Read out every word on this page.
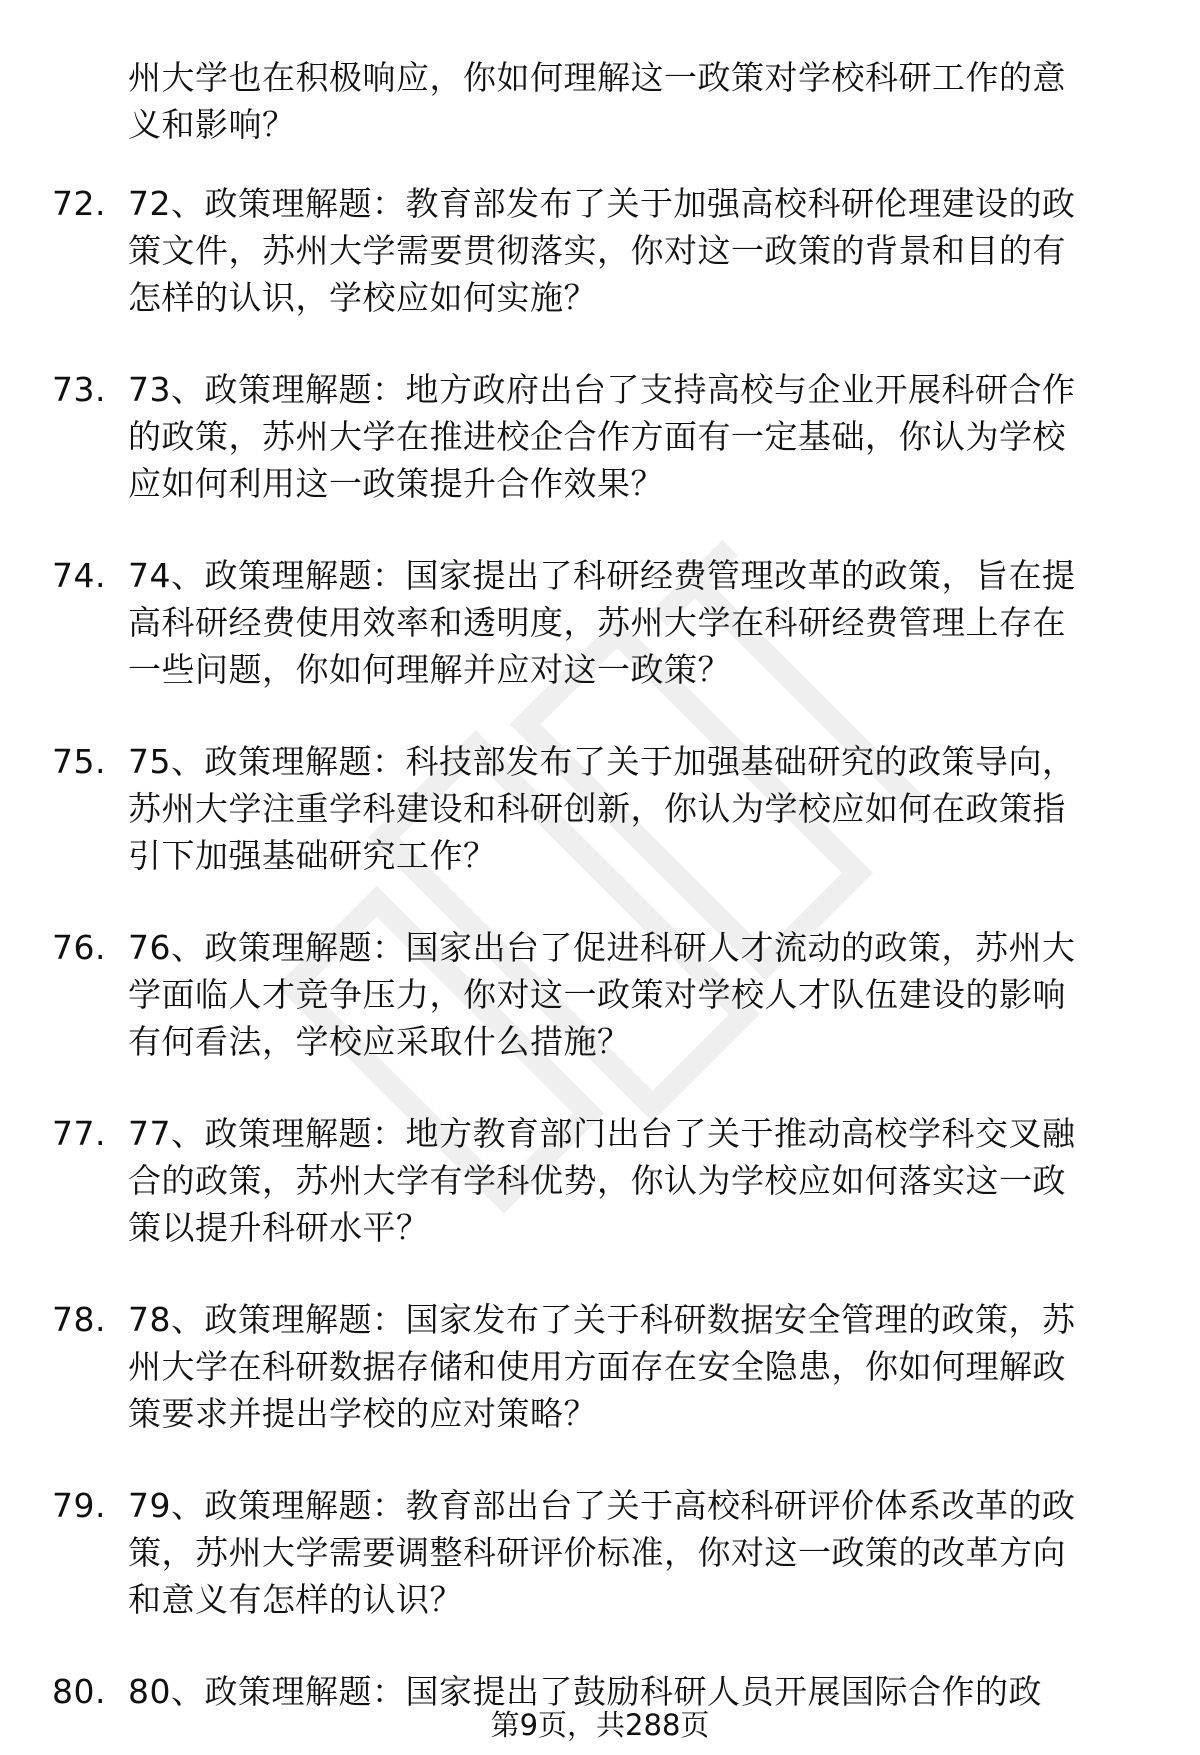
州大学也在积极响应，你如何理解这一政策对学校科研工作的意
义和影响？
72. 72、政策理解题：教育部发布了关于加强高校科研伦理建设的政
策文件，苏州大学需要贯彻落实，你对这一政策的背景和目的有
怎样的认识，学校应如何实施？
73. 73、政策理解题：地方政府出台了支持高校与企业开展科研合作
的政策，苏州大学在推进校企合作方面有一定基础，你认为学校
应如何利用这一政策提升合作效果？
74. 74、政策理解题：国家提出了科研经费管理改革的政策，旨在提
高科研经费使用效率和透明度，苏州大学在科研经费管理上存在
一些问题，你如何理解并应对这一政策？
75. 75、政策理解题：科技部发布了关于加强基础研究的政策导向，
苏州大学注重学科建设和科研创新，你认为学校应如何在政策指
引下加强基础研究工作？
76. 76、政策理解题：国家出台了促进科研人才流动的政策，苏州大
学面临人才竞争压力，你对这一政策对学校人才队伍建设的影响
有何看法，学校应采取什么措施？
77. 77、政策理解题：地方教育部门出台了关于推动高校学科交叉融
合的政策，苏州大学有学科优势，你认为学校应如何落实这一政
策以提升科研水平？
78. 78、政策理解题：国家发布了关于科研数据安全管理的政策，苏
州大学在科研数据存储和使用方面存在安全隐患，你如何理解政
策要求并提出学校的应对策略？
79. 79、政策理解题：教育部出台了关于高校科研评价体系改革的政
策，苏州大学需要调整科研评价标准，你对这一政策的改革方向
和意义有怎样的认识？
80. 80、政策理解题：国家提出了鼓励科研人员开展国际合作的政
第9页，共288页
